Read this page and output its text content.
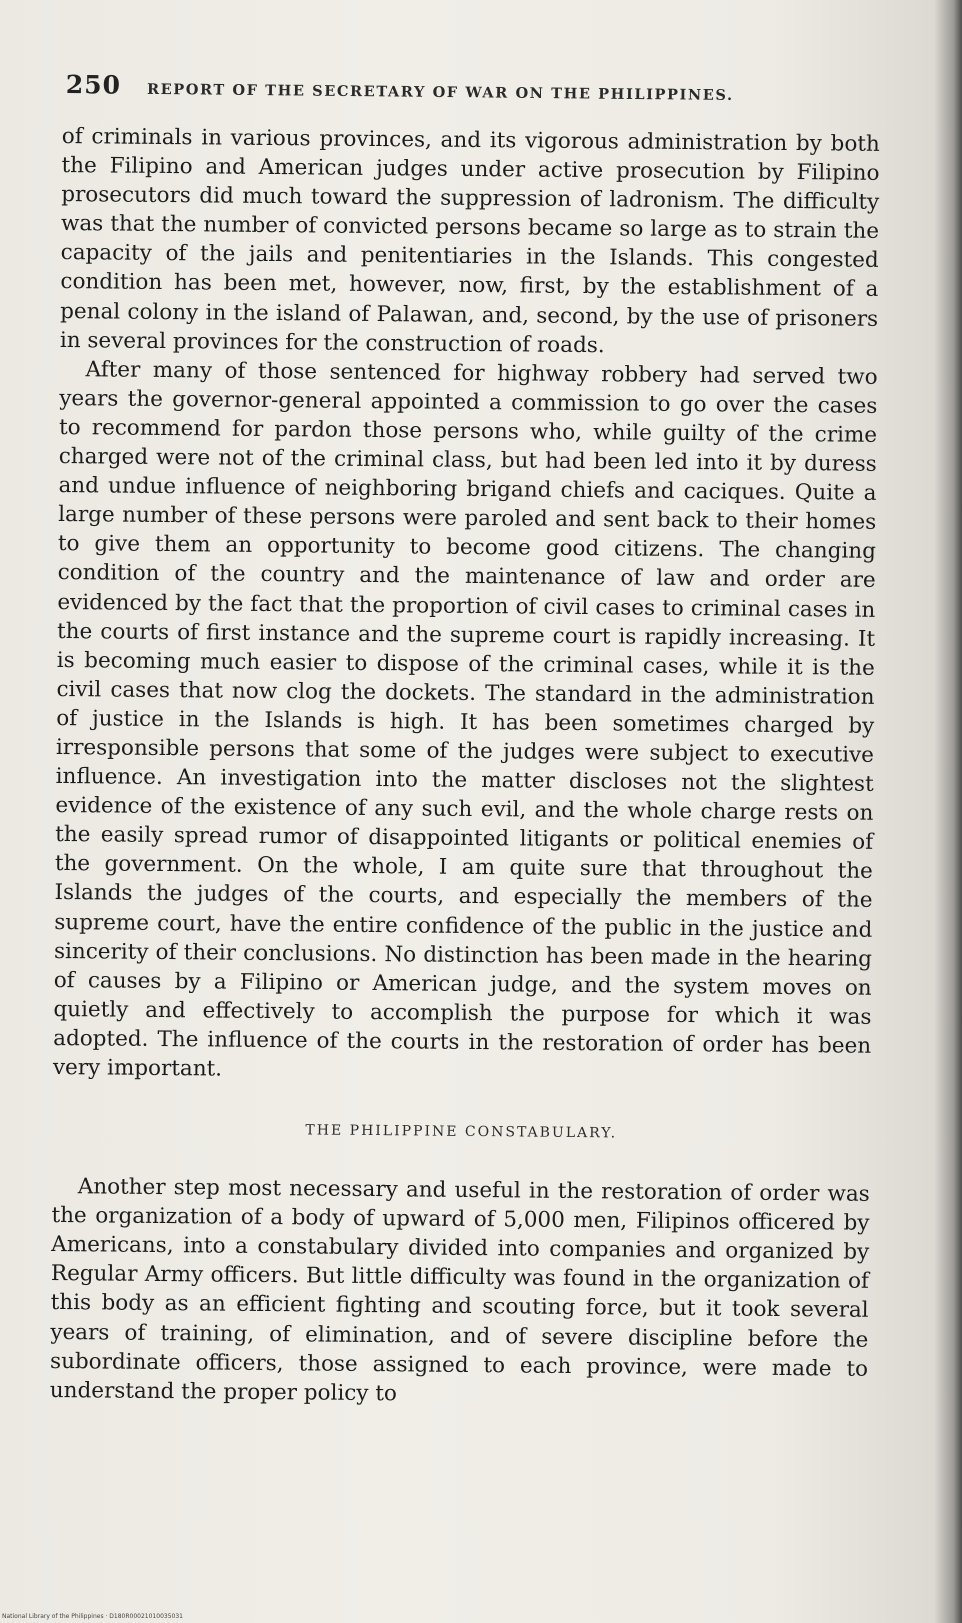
250 REPORT OF THE SECRETARY OF WAR ON THE PHILIPPINES.

of criminals in various provinces, and its vigorous administration by both the Filipino and American judges under active prosecution by Filipino prosecutors did much toward the suppression of ladronism. The difficulty was that the number of convicted persons became so large as to strain the capacity of the jails and penitentiaries in the Islands. This congested condition has been met, however, now, first, by the establishment of a penal colony in the island of Palawan, and, second, by the use of prisoners in several provinces for the construction of roads.

After many of those sentenced for highway robbery had served two years the governor-general appointed a commission to go over the cases to recommend for pardon those persons who, while guilty of the crime charged were not of the criminal class, but had been led into it by duress and undue influence of neighboring brigand chiefs and caciques. Quite a large number of these persons were paroled and sent back to their homes to give them an opportunity to become good citizens. The changing condition of the country and the maintenance of law and order are evidenced by the fact that the proportion of civil cases to criminal cases in the courts of first instance and the supreme court is rapidly increasing. It is becoming much easier to dispose of the criminal cases, while it is the civil cases that now clog the dockets. The standard in the administration of justice in the Islands is high. It has been sometimes charged by irresponsible persons that some of the judges were subject to executive influence. An investigation into the matter discloses not the slightest evidence of the existence of any such evil, and the whole charge rests on the easily spread rumor of disappointed litigants or political enemies of the government. On the whole, I am quite sure that throughout the Islands the judges of the courts, and especially the members of the supreme court, have the entire confidence of the public in the justice and sincerity of their conclusions. No distinction has been made in the hearing of causes by a Filipino or American judge, and the system moves on quietly and effectively to accomplish the purpose for which it was adopted. The influence of the courts in the restoration of order has been very important.

THE PHILIPPINE CONSTABULARY.

Another step most necessary and useful in the restoration of order was the organization of a body of upward of 5,000 men, Filipinos officered by Americans, into a constabulary divided into companies and organized by Regular Army officers. But little difficulty was found in the organization of this body as an efficient fighting and scouting force, but it took several years of training, of elimination, and of severe discipline before the subordinate officers, those assigned to each province, were made to understand the proper policy to

National Library of the Philippines · D180R00021010035031
